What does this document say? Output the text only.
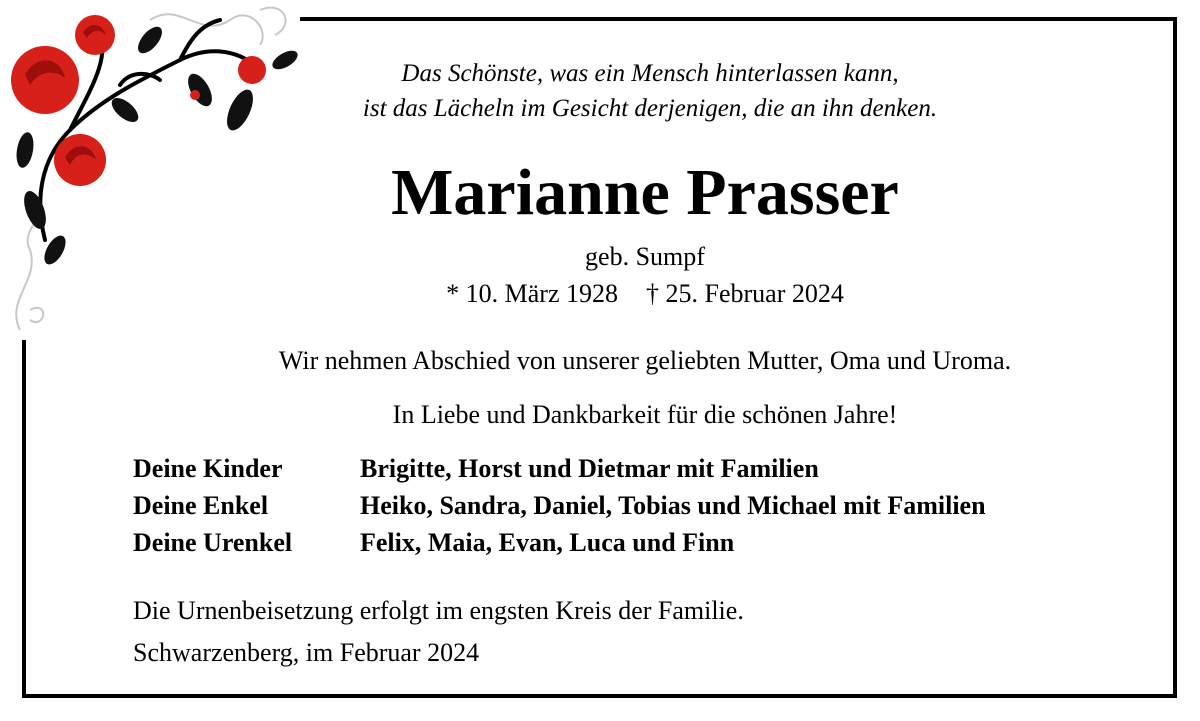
Das Schönste, was ein Mensch hinterlassen kann,
ist das Lächeln im Gesicht derjenigen, die an ihn denken.
Marianne Prasser
geb. Sumpf
* 10. März 1928 † 25. Februar 2024
Wir nehmen Abschied von unserer geliebten Mutter, Oma und Uroma.
In Liebe und Dankbarkeit für die schönen Jahre!
Deine Kinder	Brigitte, Horst und Dietmar mit Familien
Deine Enkel	Heiko, Sandra, Daniel, Tobias und Michael mit Familien
Deine Urenkel	Felix, Maia, Evan, Luca und Finn
Die Urnenbeisetzung erfolgt im engsten Kreis der Familie.
Schwarzenberg, im Februar 2024
